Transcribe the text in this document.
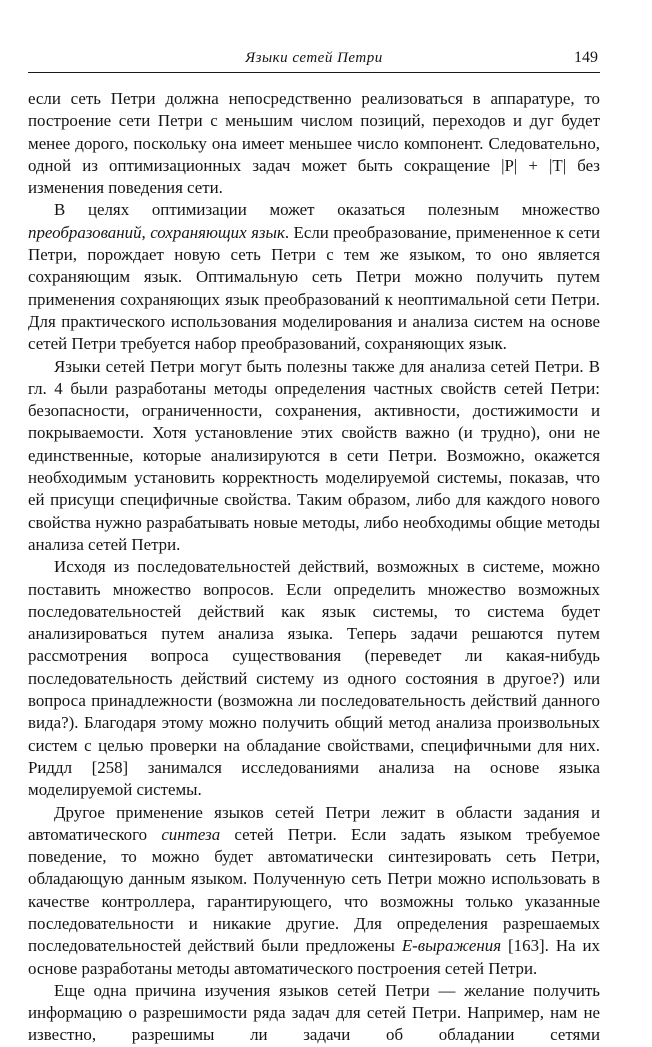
Языки сетей Петри	149

если сеть Петри должна непосредственно реализоваться в аппаратуре, то построение сети Петри с меньшим числом позиций, переходов и дуг будет менее дорого, поскольку она имеет меньшее число компонент. Следовательно, одной из оптимизационных задач может быть сокращение |P| + |T| без изменения поведения сети.

В целях оптимизации может оказаться полезным множество преобразований, сохраняющих язык. Если преобразование, примененное к сети Петри, порождает новую сеть Петри с тем же языком, то оно является сохраняющим язык. Оптимальную сеть Петри можно получить путем применения сохраняющих язык преобразований к неоптимальной сети Петри. Для практического использования моделирования и анализа систем на основе сетей Петри требуется набор преобразований, сохраняющих язык.

Языки сетей Петри могут быть полезны также для анализа сетей Петри. В гл. 4 были разработаны методы определения частных свойств сетей Петри: безопасности, ограниченности, сохранения, активности, достижимости и покрываемости. Хотя установление этих свойств важно (и трудно), они не единственные, которые анализируются в сети Петри. Возможно, окажется необходимым установить корректность моделируемой системы, показав, что ей присущи специфичные свойства. Таким образом, либо для каждого нового свойства нужно разрабатывать новые методы, либо необходимы общие методы анализа сетей Петри.

Исходя из последовательностей действий, возможных в системе, можно поставить множество вопросов. Если определить множество возможных последовательностей действий как язык системы, то система будет анализироваться путем анализа языка. Теперь задачи решаются путем рассмотрения вопроса существования (переведет ли какая-нибудь последовательность действий систему из одного состояния в другое?) или вопроса принадлежности (возможна ли последовательность действий данного вида?). Благодаря этому можно получить общий метод анализа произвольных систем с целью проверки на обладание свойствами, специфичными для них. Риддл [258] занимался исследованиями анализа на основе языка моделируемой системы.

Другое применение языков сетей Петри лежит в области задания и автоматического синтеза сетей Петри. Если задать языком требуемое поведение, то можно будет автоматически синтезировать сеть Петри, обладающую данным языком. Полученную сеть Петри можно использовать в качестве контроллера, гарантирующего, что возможны только указанные последовательности и никакие другие. Для определения разрешаемых последовательностей действий были предложены E-выражения [163]. На их основе разработаны методы автоматического построения сетей Петри.

Еще одна причина изучения языков сетей Петри — желание получить информацию о разрешимости ряда задач для сетей Петри. Например, нам не известно, разрешимы ли задачи об обладании сетями
